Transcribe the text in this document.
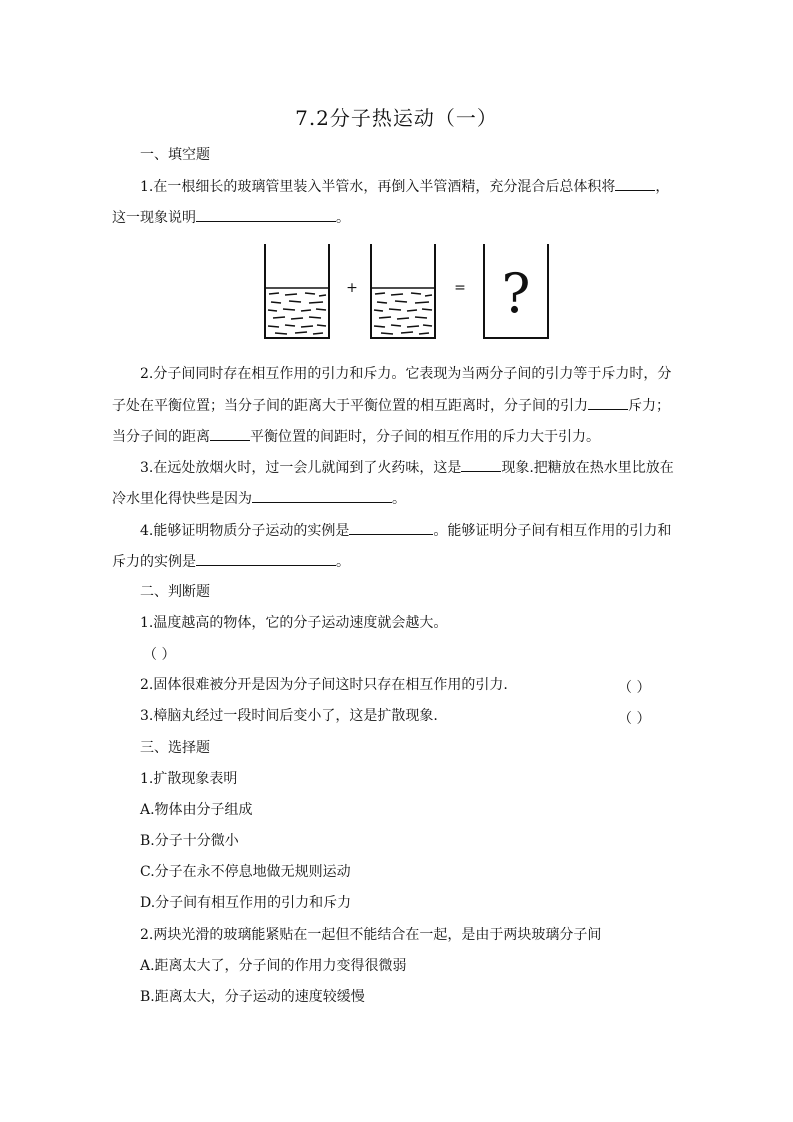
7.2分子热运动（一）
一、填空题
1.在一根细长的玻璃管里装入半管水，再倒入半管酒精，充分混合后总体积将	，
这一现象说明	。
+	= ?
2.分子间同时存在相互作用的引力和斥力。它表现为当两分子间的引力等于斥力时，分
子处在平衡位置；当分子间的距离大于平衡位置的相互距离时，分子间的引力	斥力；
当分子间的距离	平衡位置的间距时，分子间的相互作用的斥力大于引力。
3.在远处放烟火时，过一会儿就闻到了火药味，这是	现象.把糖放在热水里比放在
冷水里化得快些是因为	。
4.能够证明物质分子运动的实例是	。能够证明分子间有相互作用的引力和
斥力的实例是	。
二、判断题
1.温度越高的物体，它的分子运动速度就会越大。
（ ）
2.固体很难被分开是因为分子间这时只存在相互作用的引力.	（ ）
3.樟脑丸经过一段时间后变小了，这是扩散现象.	（ ）
三、选择题
1.扩散现象表明
A.物体由分子组成
B.分子十分微小
C.分子在永不停息地做无规则运动
D.分子间有相互作用的引力和斥力
2.两块光滑的玻璃能紧贴在一起但不能结合在一起，是由于两块玻璃分子间
A.距离太大了，分子间的作用力变得很微弱
B.距离太大，分子运动的速度较缓慢
